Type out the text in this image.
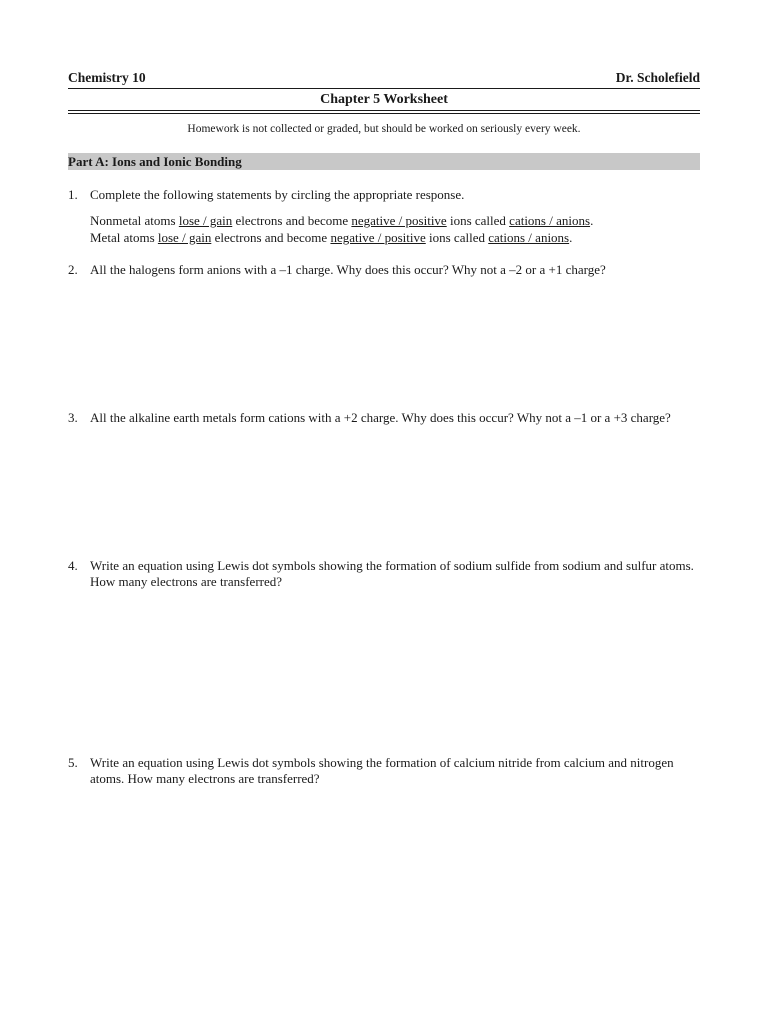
Chemistry 10	Dr. Scholefield
Chapter 5 Worksheet
Homework is not collected or graded, but should be worked on seriously every week.
Part A: Ions and Ionic Bonding
1. Complete the following statements by circling the appropriate response.
Nonmetal atoms lose / gain electrons and become negative / positive ions called cations / anions.
Metal atoms lose / gain electrons and become negative / positive ions called cations / anions.
2. All the halogens form anions with a –1 charge. Why does this occur? Why not a –2 or a +1 charge?
3. All the alkaline earth metals form cations with a +2 charge. Why does this occur? Why not a –1 or a +3 charge?
4. Write an equation using Lewis dot symbols showing the formation of sodium sulfide from sodium and sulfur atoms. How many electrons are transferred?
5. Write an equation using Lewis dot symbols showing the formation of calcium nitride from calcium and nitrogen atoms. How many electrons are transferred?
